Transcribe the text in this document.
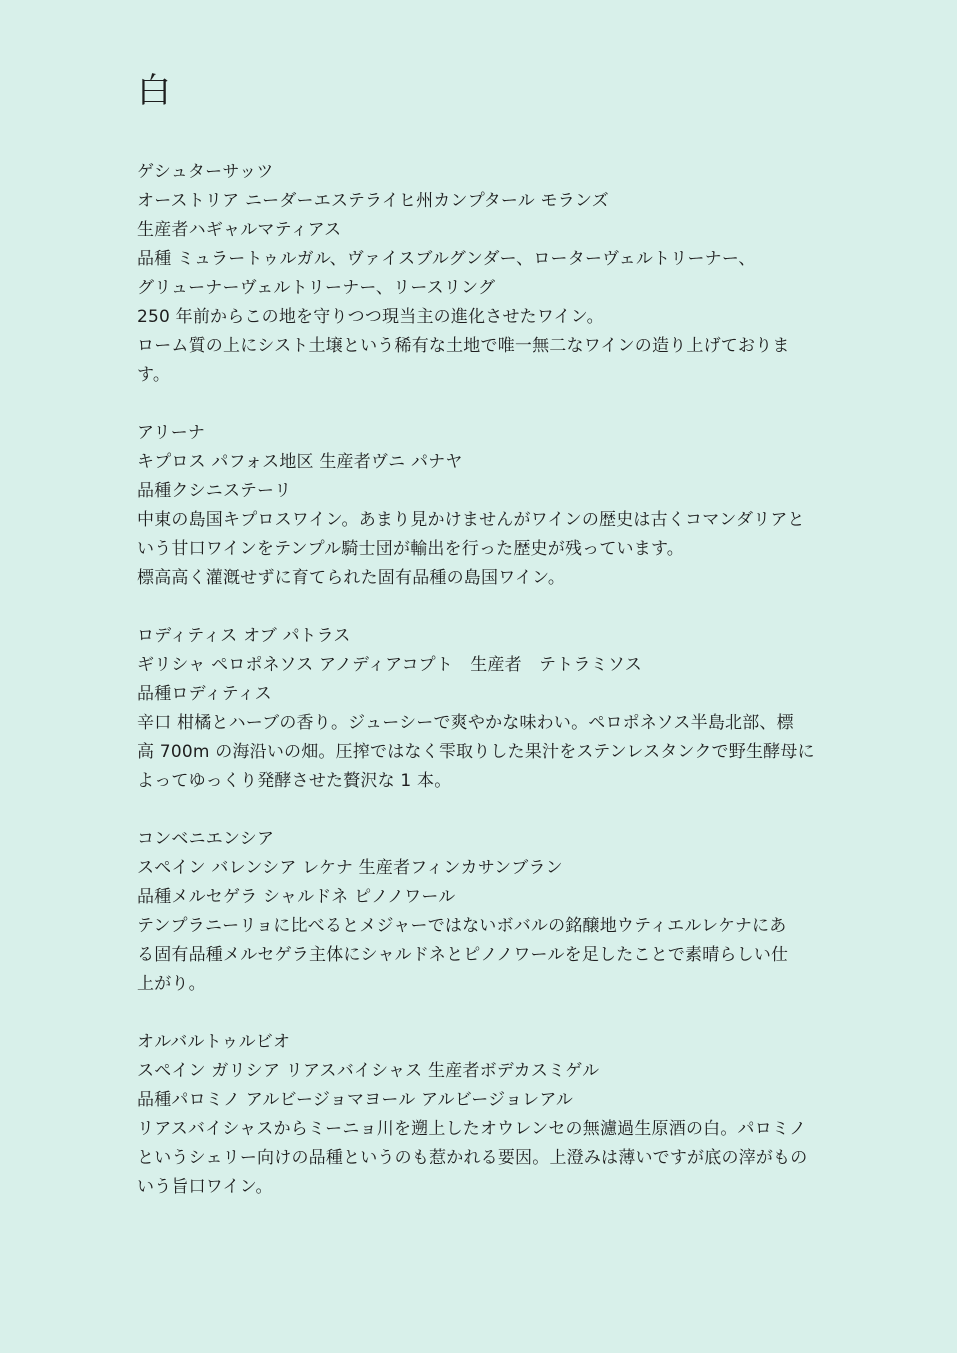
白
ゲシュターサッツ
オーストリア ニーダーエステライヒ州カンプタール モランズ
生産者ハギャルマティアス
品種 ミュラートゥルガル、ヴァイスブルグンダー、ローターヴェルトリーナー、
グリューナーヴェルトリーナー、リースリング
250 年前からこの地を守りつつ現当主の進化させたワイン。
ローム質の上にシスト土壌という稀有な土地で唯一無二なワインの造り上げておりま
す。
アリーナ
キプロス パフォス地区 生産者ヴニ パナヤ
品種クシニステーリ
中東の島国キプロスワイン。あまり見かけませんがワインの歴史は古くコマンダリアと
いう甘口ワインをテンプル騎士団が輸出を行った歴史が残っています。
標高高く灌漑せずに育てられた固有品種の島国ワイン。
ロディティス オブ パトラス
ギリシャ ペロポネソス アノディアコプト　生産者　テトラミソス
品種ロディティス
辛口 柑橘とハーブの香り。ジューシーで爽やかな味わい。ペロポネソス半島北部、標
高 700m の海沿いの畑。圧搾ではなく雫取りした果汁をステンレスタンクで野生酵母に
よってゆっくり発酵させた贅沢な 1 本。
コンベニエンシア
スペイン バレンシア レケナ 生産者フィンカサンブラン
品種メルセゲラ シャルドネ ピノノワール
テンプラニーリョに比べるとメジャーではないボバルの銘醸地ウティエルレケナにあ
る固有品種メルセゲラ主体にシャルドネとピノノワールを足したことで素晴らしい仕
上がり。
オルバルトゥルビオ
スペイン ガリシア リアスバイシャス 生産者ボデカスミゲル
品種パロミノ アルビージョマヨール アルビージョレアル
リアスバイシャスからミーニョ川を遡上したオウレンセの無濾過生原酒の白。パロミノ
というシェリー向けの品種というのも惹かれる要因。上澄みは薄いですが底の滓がもの
いう旨口ワイン。
